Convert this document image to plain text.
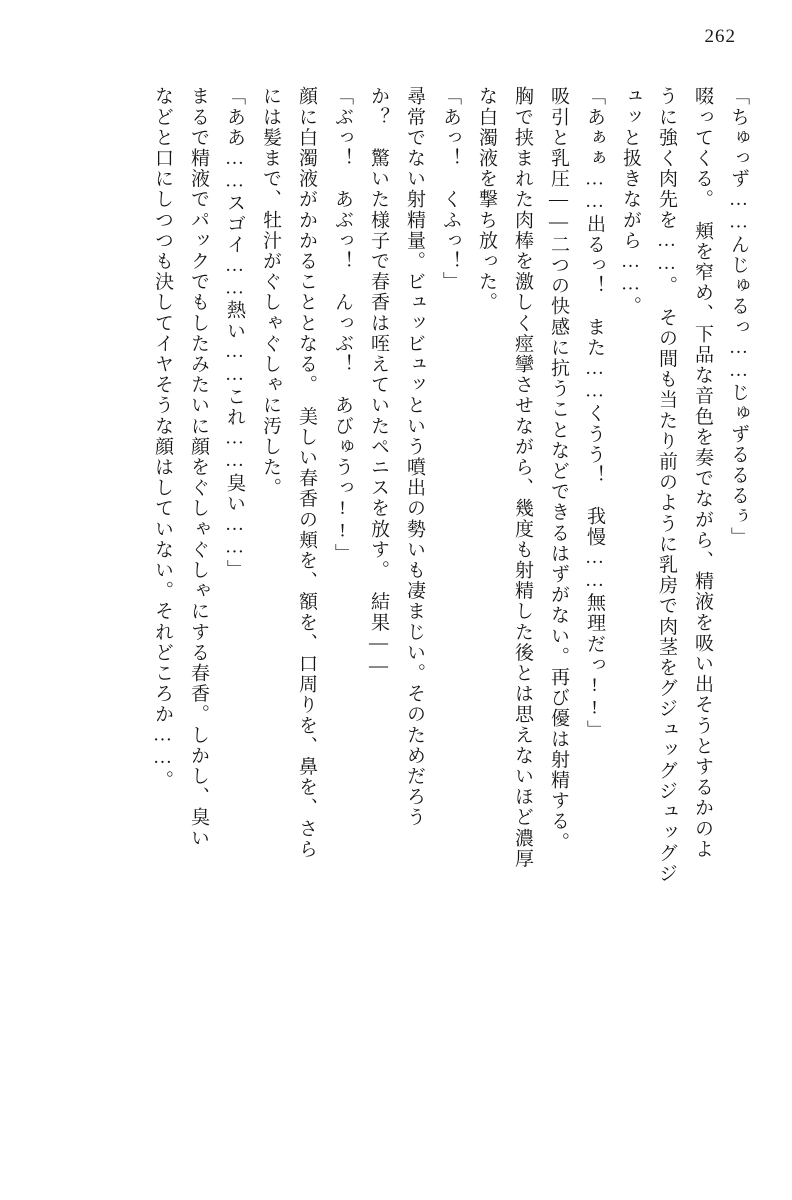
262
「ちゅっず……んじゅるっ……じゅずるるるぅ」
啜ってくる。　頬を窄め、下品な音色を奏でながら、精液を吸い出そうとするかのよ
うに強く肉先を……。　その間も当たり前のように乳房で肉茎をグジュッグジュッグジ
ュッと扱きながら……。
「あぁぁ……出るっ！　また……くうう！　我慢……無理だっ!!」
吸引と乳圧――二つの快感に抗うことなどできるはずがない。再び優は射精する。
胸で挟まれた肉棒を激しく痙攣させながら、幾度も射精した後とは思えないほど濃厚
な白濁液を撃ち放った。
「あっ！　くふっ！」
尋常でない射精量。ビュッビュッという噴出の勢いも凄まじい。そのためだろう
か？　驚いた様子で春香は咥えていたペニスを放す。　結果――
「ぶっ！　あぶっ！　んっぶ！　あびゅうっ!!」
顔に白濁液がかかることとなる。　美しい春香の頬を、額を、口周りを、鼻を、さら
には髪まで、牡汁がぐしゃぐしゃに汚した。
「ああ……スゴイ……熱い……これ……臭い……」
まるで精液でパックでもしたみたいに顔をぐしゃぐしゃにする春香。しかし、臭い
などと口にしつつも決してイヤそうな顔はしていない。それどころか……。
